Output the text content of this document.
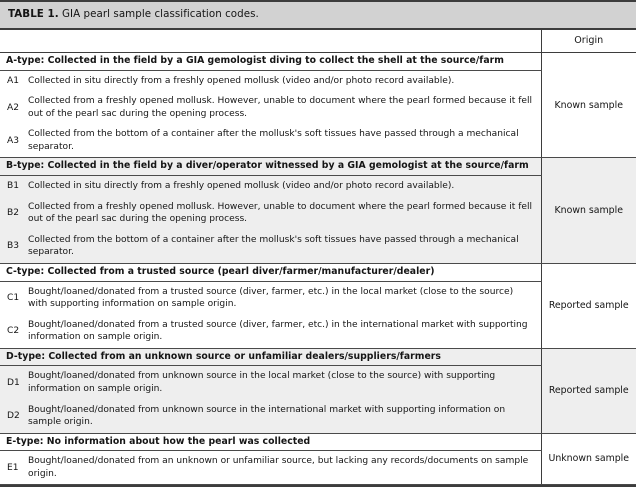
TABLE 1. GIA pearl sample classification codes.
		Origin
A-type: Collected in the field by a GIA gemologist diving to collect the shell at the source/farm		Known sample
A1	Collected in situ directly from a freshly opened mollusk (video and/or photo record available).	
A2	Collected from a freshly opened mollusk. However, unable to document where the pearl formed because it fell out of the pearl sac during the opening process.	
A3	Collected from the bottom of a container after the mollusk's soft tissues have passed through a mechanical separator.	
B-type: Collected in the field by a diver/operator witnessed by a GIA gemologist at the source/farm		Known sample
B1	Collected in situ directly from a freshly opened mollusk (video and/or photo record available).	
B2	Collected from a freshly opened mollusk. However, unable to document where the pearl formed because it fell out of the pearl sac during the opening process.	
B3	Collected from the bottom of a container after the mollusk's soft tissues have passed through a mechanical separator.	
C-type: Collected from a trusted source (pearl diver/farmer/manufacturer/dealer)		Reported sample
C1	Bought/loaned/donated from a trusted source (diver, farmer, etc.) in the local market (close to the source) with supporting information on sample origin.	
C2	Bought/loaned/donated from a trusted source (diver, farmer, etc.) in the international market with supporting information on sample origin.	
D-type: Collected from an unknown source or unfamiliar dealers/suppliers/farmers		Reported sample
D1	Bought/loaned/donated from unknown source in the local market (close to the source) with supporting information on sample origin.	
D2	Bought/loaned/donated from unknown source in the international market with supporting information on sample origin.	
E-type: No information about how the pearl was collected		Unknown sample
E1	Bought/loaned/donated from an unknown or unfamiliar source, but lacking any records/documents on sample origin.	
